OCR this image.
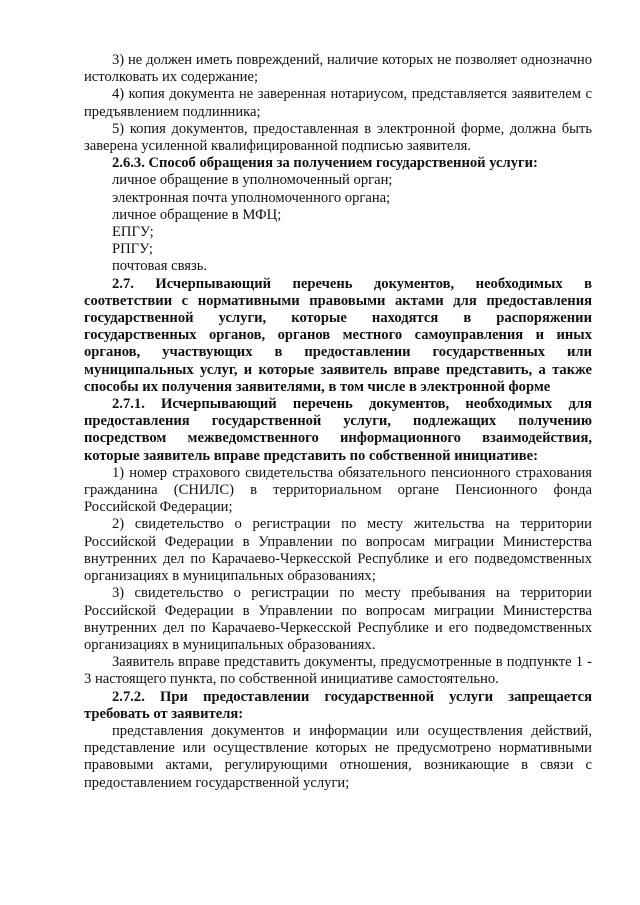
3) не должен иметь повреждений, наличие которых не позволяет однозначно истолковать их содержание;

4) копия документа не заверенная нотариусом, представляется заявителем с предъявлением подлинника;

5) копия документов, предоставленная в электронной форме, должна быть заверена усиленной квалифицированной подписью заявителя.

2.6.3. Способ обращения за получением государственной услуги:

личное обращение в уполномоченный орган;

электронная почта уполномоченного органа;

личное обращение в МФЦ;

ЕПГУ;

РПГУ;

почтовая связь.

2.7. Исчерпывающий перечень документов, необходимых в соответствии с нормативными правовыми актами для предоставления государственной услуги, которые находятся в распоряжении государственных органов, органов местного самоуправления и иных органов, участвующих в предоставлении государственных или муниципальных услуг, и которые заявитель вправе представить, а также способы их получения заявителями, в том числе в электронной форме

2.7.1. Исчерпывающий перечень документов, необходимых для предоставления государственной услуги, подлежащих получению посредством межведомственного информационного взаимодействия, которые заявитель вправе представить по собственной инициативе:

1) номер страхового свидетельства обязательного пенсионного страхования гражданина (СНИЛС) в территориальном органе Пенсионного фонда Российской Федерации;

2) свидетельство о регистрации по месту жительства на территории Российской Федерации в Управлении по вопросам миграции Министерства внутренних дел по Карачаево-Черкесской Республике и его подведомственных организациях в муниципальных образованиях;

3) свидетельство о регистрации по месту пребывания на территории Российской Федерации в Управлении по вопросам миграции Министерства внутренних дел по Карачаево-Черкесской Республике и его подведомственных организациях в муниципальных образованиях.

Заявитель вправе представить документы, предусмотренные в подпункте 1 - 3 настоящего пункта, по собственной инициативе самостоятельно.

2.7.2. При предоставлении государственной услуги запрещается требовать от заявителя:

представления документов и информации или осуществления действий, представление или осуществление которых не предусмотрено нормативными правовыми актами, регулирующими отношения, возникающие в связи с предоставлением государственной услуги;
